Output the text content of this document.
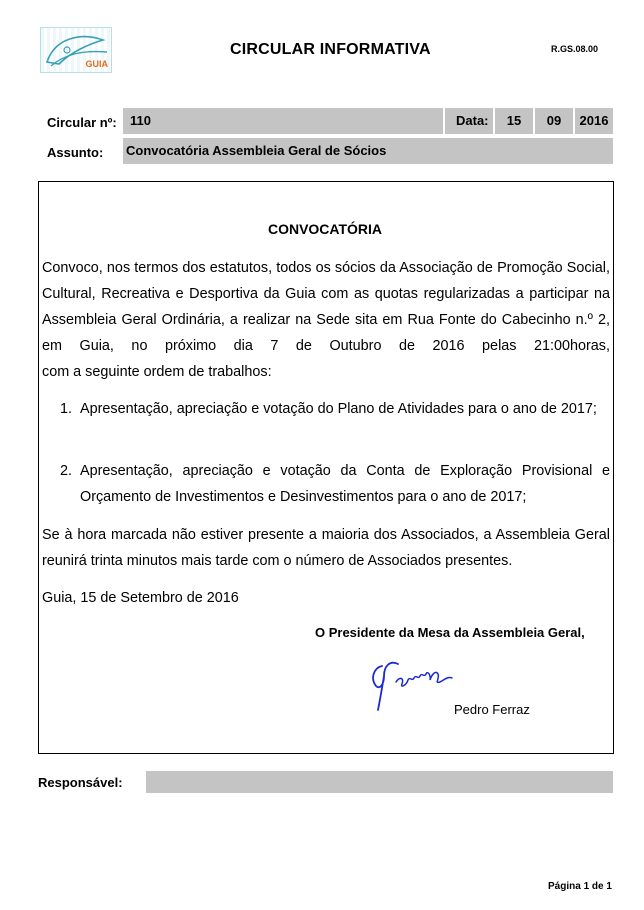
GUIA
CIRCULAR INFORMATIVA	R.GS.08.00
Circular nº:	110	Data:	15	09	2016
Assunto: Convocatória Assembleia Geral de Sócios
CONVOCATÓRIA
Convoco, nos termos dos estatutos, todos os sócios da Associação de Promoção Social, Cultural, Recreativa e Desportiva da Guia com as quotas regularizadas a participar na Assembleia Geral Ordinária, a realizar na Sede sita em Rua Fonte do Cabecinho n.º 2, em Guia, no próximo dia 7 de Outubro de 2016 pelas 21:00horas,
com a seguinte ordem de trabalhos:
1. Apresentação, apreciação e votação do Plano de Atividades para o ano de 2017;
2. Apresentação, apreciação e votação da Conta de Exploração Provisional e Orçamento de Investimentos e Desinvestimentos para o ano de 2017;
Se à hora marcada não estiver presente a maioria dos Associados, a Assembleia Geral reunirá trinta minutos mais tarde com o número de Associados presentes.
Guia, 15 de Setembro de 2016
O Presidente da Mesa da Assembleia Geral,
Pedro Ferraz
Responsável:
Página 1 de 1
